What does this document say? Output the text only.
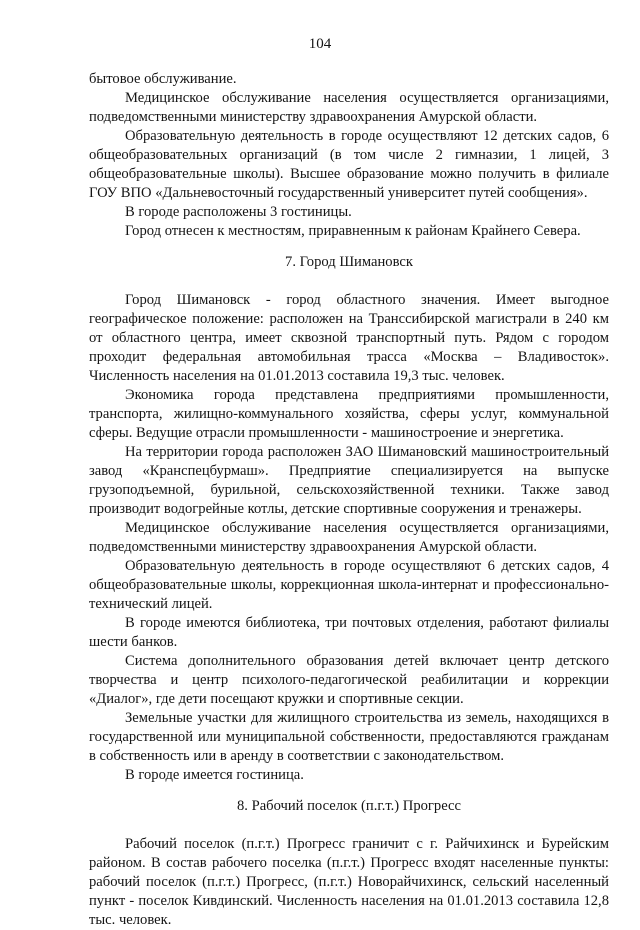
104

бытовое обслуживание.

Медицинское обслуживание населения осуществляется организациями, подведомственными министерству здравоохранения Амурской области.

Образовательную деятельность в городе осуществляют 12 детских садов, 6 общеобразовательных организаций (в том числе 2 гимназии, 1 лицей, 3 общеобразовательные школы). Высшее образование можно получить в филиале ГОУ ВПО «Дальневосточный государственный университет путей сообщения».

В городе расположены 3 гостиницы.

Город отнесен к местностям, приравненным к районам Крайнего Севера.

7. Город Шимановск

Город Шимановск - город областного значения. Имеет выгодное географическое положение: расположен на Транссибирской магистрали в 240 км от областного центра, имеет сквозной транспортный путь. Рядом с городом проходит федеральная автомобильная трасса «Москва – Владивосток». Численность населения на 01.01.2013 составила 19,3 тыс. человек.

Экономика города представлена предприятиями промышленности, транспорта, жилищно-коммунального хозяйства, сферы услуг, коммунальной сферы. Ведущие отрасли промышленности - машиностроение и энергетика.

На территории города расположен ЗАО Шимановский машиностроительный завод «Кранспецбурмаш». Предприятие специализируется на выпуске грузоподъемной, бурильной, сельскохозяйственной техники. Также завод производит водогрейные котлы, детские спортивные сооружения и тренажеры.

Медицинское обслуживание населения осуществляется организациями, подведомственными министерству здравоохранения Амурской области.

Образовательную деятельность в городе осуществляют 6 детских садов, 4 общеобразовательные школы, коррекционная школа-интернат и профессионально-технический лицей.

В городе имеются библиотека, три почтовых отделения, работают филиалы шести банков.

Система дополнительного образования детей включает центр детского творчества и центр психолого-педагогической реабилитации и коррекции «Диалог», где дети посещают кружки и спортивные секции.

Земельные участки для жилищного строительства из земель, находящихся в государственной или муниципальной собственности, предоставляются гражданам в собственность или в аренду в соответствии с законодательством.

В городе имеется гостиница.

8. Рабочий поселок (п.г.т.) Прогресс

Рабочий поселок (п.г.т.) Прогресс граничит с г. Райчихинск и Бурейским районом. В состав рабочего поселка (п.г.т.) Прогресс входят населенные пункты: рабочий поселок (п.г.т.) Прогресс, (п.г.т.) Новорайчихинск, сельский населенный пункт - поселок Кивдинский. Численность населения на 01.01.2013 составила 12,8 тыс. человек.
